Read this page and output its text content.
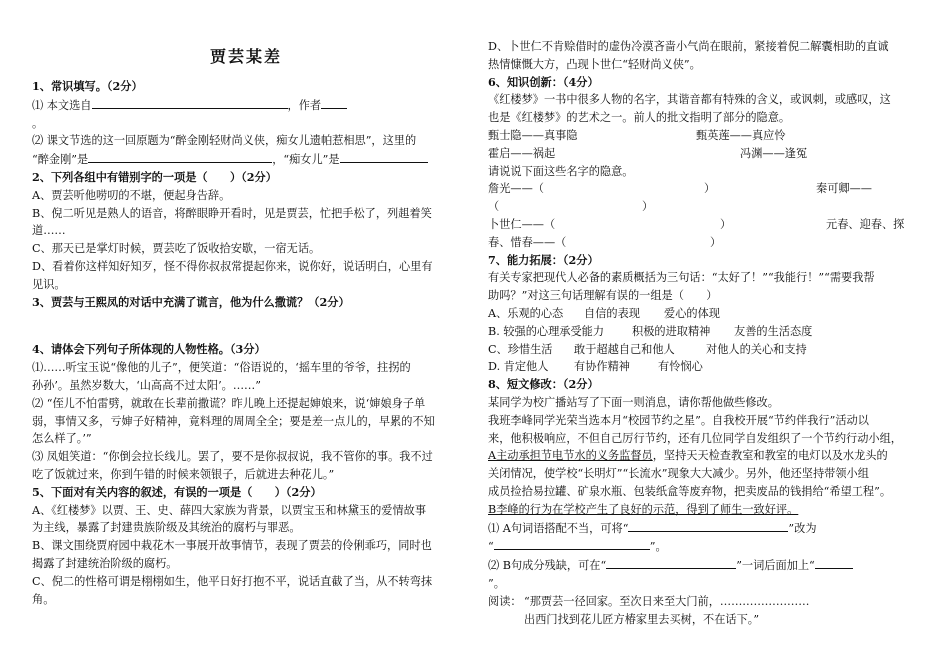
贾芸某差

1、常识填写。（2分）

⑴ 本文选自	，作者

。

⑵ 课文节选的这一回原题为“醉金刚轻财尚义侠，痴女儿遗帕惹相思”，这里的

“醉金刚”是	，“痴女儿”是

2、下列各组中有错别字的一项是（　　）（2分）

A、贾芸听他唠叨的不堪，便起身告辞。

B、倪二听见是熟人的语音，将醉眼睁开看时，见是贾芸，忙把手松了，列趄着笑

道……

C、那天已是掌灯时候，贾芸吃了饭收拾安歇，一宿无话。

D、看着你这样知好知歹，怪不得你叔叔常提起你来，说你好，说话明白，心里有

见识。

3、贾芸与王熙凤的对话中充满了谎言，他为什么撒谎？（2分）

4、请体会下列句子所体现的人物性格。（3分）

⑴……听宝玉说“像他的儿子”，便笑道：“俗语说的，‘摇车里的爷爷，拄拐的

孙孙’。虽然岁数大，‘山高高不过太阳’。……”

⑵ “侄儿不怕雷劈，就敢在长辈前撒谎？昨儿晚上还提起婶娘来，说‘婶娘身子单

弱，事情又多，亏婶子好精神，竟料理的周周全全；要是差一点儿的，早累的不知

怎么样了。’”

⑶ 凤姐笑道：“你倒会拉长线儿。罢了，要不是你叔叔说，我不管你的事。我不过

吃了饭就过来，你到午错的时候来领银子，后就进去种花儿。”

5、下面对有关内容的叙述，有误的一项是（　　）（2分）

A、《红楼梦》以贾、王、史、薛四大家族为背景，以贾宝玉和林黛玉的爱情故事

为主线，暴露了封建贵族阶级及其统治的腐朽与罪恶。

B、课文围绕贾府园中栽花木一事展开故事情节，表现了贾芸的伶俐乖巧，同时也

揭露了封建统治阶级的腐朽。

C、倪二的性格可谓是栩栩如生，他平日好打抱不平，说话直截了当，从不转弯抹

角。

D、卜世仁不肯赊借时的虚伪冷漠吝啬小气尚在眼前，紧接着倪二解囊相助的直诚

热情慷慨大方，凸现卜世仁“轻财尚义侠”。

6、知识创新：（4分）

《红楼梦》一书中很多人物的名字，其谐音都有特殊的含义，或讽刺，或感叹，这

也是《红楼梦》的艺术之一。前人的批文指明了部分的隐意。

甄士隐——真事隐	甄英莲——真应怜

霍启——祸起	冯渊——逢冤

请说说下面这些名字的隐意。

詹光——（	）	秦可卿——

（	）

卜世仁——（	）	元春、迎春、探

春、惜春——（	）

7、能力拓展：（2分）

有关专家把现代人必备的素质概括为三句话：“太好了！”“我能行！”“需要我帮

助吗？”对这三句话理解有误的一组是（　　）

A、乐观的心态	自信的表现	爱心的体现

B. 较强的心理承受能力	积极的进取精神	友善的生活态度

C、珍惜生活	敢于超越自己和他人	对他人的关心和支持

D. 肯定他人	有协作精神	有怜悯心

8、短文修改：（2分）

某同学为校广播站写了下面一则消息，请你帮他做些修改。

我班李峰同学光荣当选本月“校园节约之星”。自我校开展“节约伴我行”活动以

来，他积极响应，不但自己厉行节约，还有几位同学自发组织了一个节约行动小组，

A主动承担节电节水的义务监督员，坚持天天检查教室和教室的电灯以及水龙头的

关闭情况，使学校“长明灯”“长流水”现象大大减少。另外，他还坚持带领小组

成员捡拾易拉罐、矿泉水瓶、包装纸盒等废弃物，把卖废品的钱捐给“希望工程”。

B李峰的行为在学校产生了良好的示范，得到了师生一致好评。

⑴ A句词语搭配不当，可将“	”改为

“	”。

⑵ B句成分残缺，可在“	”一词后面加上“

”。

阅读： “那贾芸一径回家。至次日来至大门前，……………………

出西门找到花儿匠方椿家里去买树，不在话下。”
